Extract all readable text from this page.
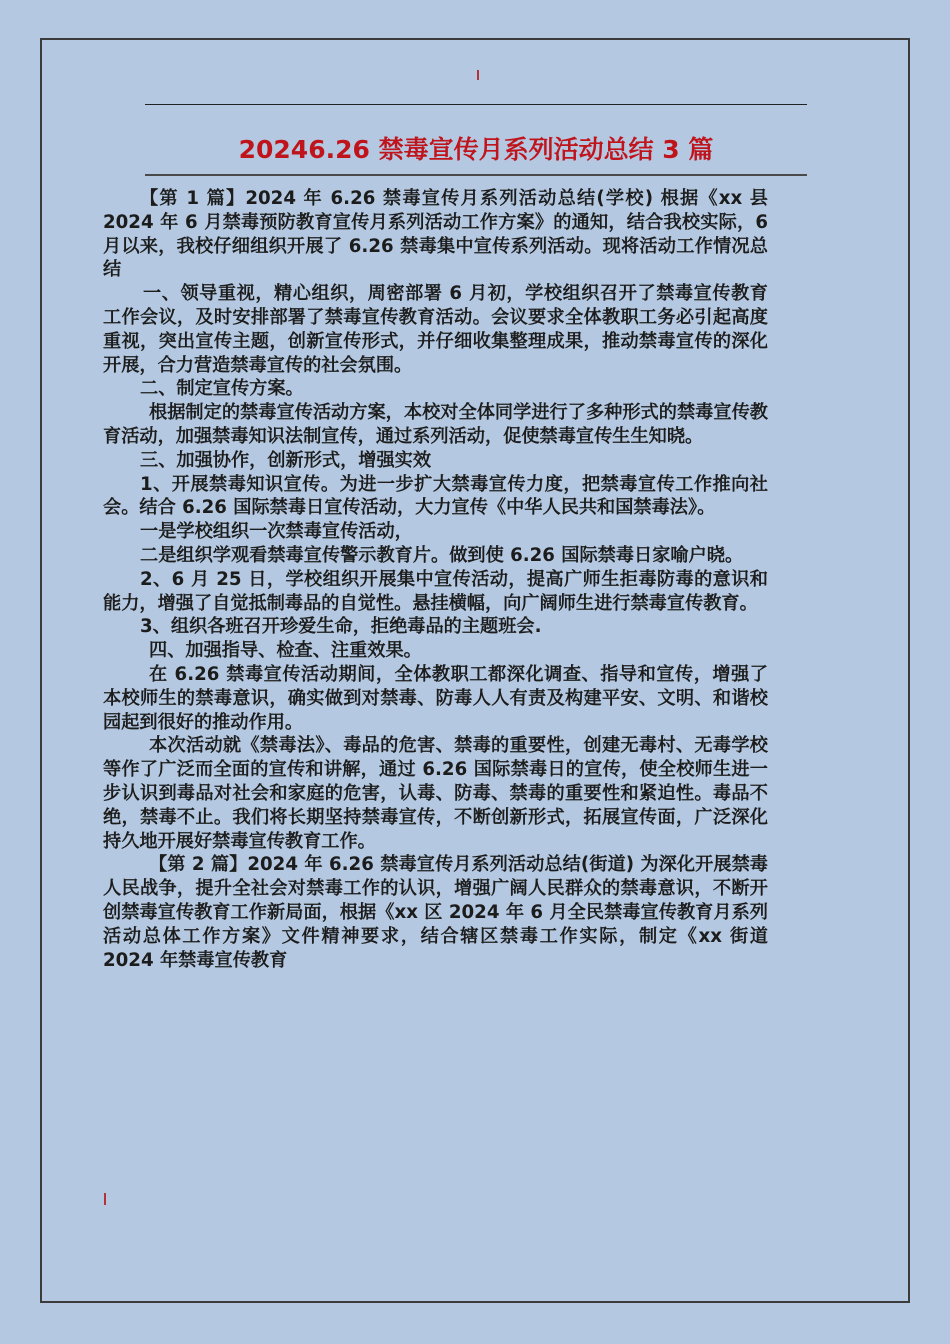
20246.26 禁毒宣传月系列活动总结 3 篇

【第 1 篇】2024 年 6.26 禁毒宣传月系列活动总结(学校) 根据《xx 县 2024 年 6 月禁毒预防教育宣传月系列活动工作方案》的通知，结合我校实际，6 月以来，我校仔细组织开展了 6.26 禁毒集中宣传系列活动。现将活动工作情况总结

一、领导重视，精心组织，周密部署 6 月初，学校组织召开了禁毒宣传教育工作会议，及时安排部署了禁毒宣传教育活动。会议要求全体教职工务必引起高度重视，突出宣传主题，创新宣传形式，并仔细收集整理成果，推动禁毒宣传的深化开展，合力营造禁毒宣传的社会氛围。

二、制定宣传方案。

根据制定的禁毒宣传活动方案，本校对全体同学进行了多种形式的禁毒宣传教育活动，加强禁毒知识法制宣传，通过系列活动，促使禁毒宣传生生知晓。

三、加强协作，创新形式，增强实效

1、开展禁毒知识宣传。为进一步扩大禁毒宣传力度，把禁毒宣传工作推向社会。结合 6.26 国际禁毒日宣传活动，大力宣传《中华人民共和国禁毒法》。

一是学校组织一次禁毒宣传活动，

二是组织学观看禁毒宣传警示教育片。做到使 6.26 国际禁毒日家喻户晓。

2、6 月 25 日，学校组织开展集中宣传活动，提高广师生拒毒防毒的意识和能力，增强了自觉抵制毒品的自觉性。悬挂横幅，向广阔师生进行禁毒宣传教育。

3、组织各班召开珍爱生命，拒绝毒品的主题班会.

四、加强指导、检查、注重效果。

在 6.26 禁毒宣传活动期间，全体教职工都深化调查、指导和宣传，增强了本校师生的禁毒意识，确实做到对禁毒、防毒人人有责及构建平安、文明、和谐校园起到很好的推动作用。

本次活动就《禁毒法》、毒品的危害、禁毒的重要性，创建无毒村、无毒学校等作了广泛而全面的宣传和讲解，通过 6.26 国际禁毒日的宣传，使全校师生进一步认识到毒品对社会和家庭的危害，认毒、防毒、禁毒的重要性和紧迫性。毒品不绝，禁毒不止。我们将长期坚持禁毒宣传，不断创新形式，拓展宣传面，广泛深化持久地开展好禁毒宣传教育工作。

【第 2 篇】2024 年 6.26 禁毒宣传月系列活动总结(街道) 为深化开展禁毒人民战争，提升全社会对禁毒工作的认识，增强广阔人民群众的禁毒意识，不断开创禁毒宣传教育工作新局面，根据《xx 区 2024 年 6 月全民禁毒宣传教育月系列活动总体工作方案》文件精神要求，结合辖区禁毒工作实际，制定《xx 街道 2024 年禁毒宣传教育
